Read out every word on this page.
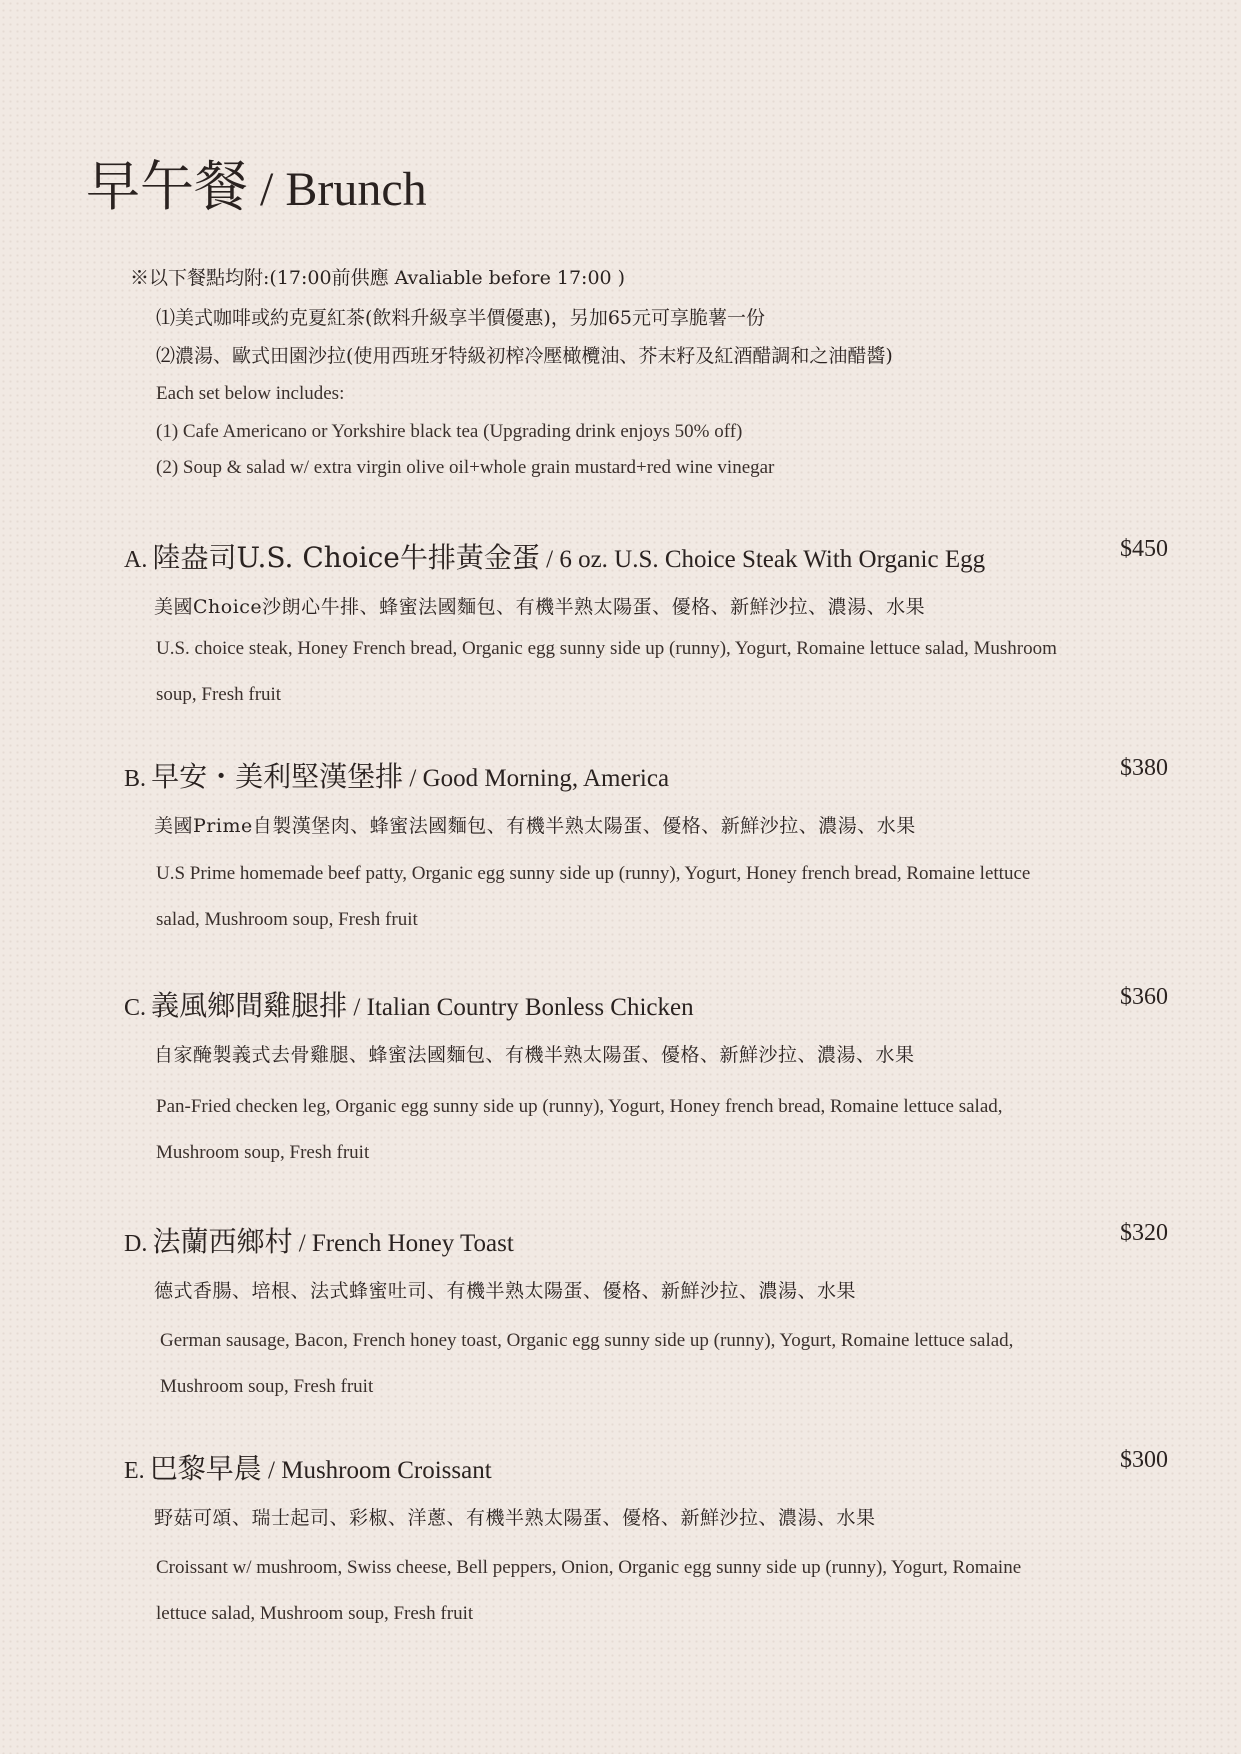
早午餐 / Brunch
※以下餐點均附:(17:00前供應 Avaliable before 17:00 )
⑴美式咖啡或約克夏紅茶(飲料升級享半價優惠)，另加65元可享脆薯一份
⑵濃湯、歐式田園沙拉(使用西班牙特級初榨冷壓橄欖油、芥末籽及紅酒醋調和之油醋醬)
Each set below includes:
(1) Cafe Americano or Yorkshire black tea (Upgrading drink enjoys 50% off)
(2) Soup & salad w/ extra virgin olive oil+whole grain mustard+red wine vinegar
A. 陸盎司U.S. Choice牛排黃金蛋 / 6 oz. U.S. Choice Steak With Organic Egg	$450
美國Choice沙朗心牛排、蜂蜜法國麵包、有機半熟太陽蛋、優格、新鮮沙拉、濃湯、水果
U.S. choice steak, Honey French bread, Organic egg sunny side up (runny), Yogurt, Romaine lettuce salad, Mushroom soup, Fresh fruit
B. 早安・美利堅漢堡排 / Good Morning, America	$380
美國Prime自製漢堡肉、蜂蜜法國麵包、有機半熟太陽蛋、優格、新鮮沙拉、濃湯、水果
U.S Prime homemade beef patty, Organic egg sunny side up (runny), Yogurt, Honey french bread, Romaine lettuce salad, Mushroom soup, Fresh fruit
C. 義風鄉間雞腿排 / Italian Country Bonless Chicken	$360
自家醃製義式去骨雞腿、蜂蜜法國麵包、有機半熟太陽蛋、優格、新鮮沙拉、濃湯、水果
Pan-Fried checken leg, Organic egg sunny side up (runny), Yogurt, Honey french bread, Romaine lettuce salad, Mushroom soup, Fresh fruit
D. 法蘭西鄉村 / French Honey Toast	$320
德式香腸、培根、法式蜂蜜吐司、有機半熟太陽蛋、優格、新鮮沙拉、濃湯、水果
German sausage, Bacon, French honey toast, Organic egg sunny side up (runny), Yogurt, Romaine lettuce salad, Mushroom soup, Fresh fruit
E. 巴黎早晨 / Mushroom Croissant	$300
野菇可頌、瑞士起司、彩椒、洋蔥、有機半熟太陽蛋、優格、新鮮沙拉、濃湯、水果
Croissant w/ mushroom, Swiss cheese, Bell peppers, Onion, Organic egg sunny side up (runny), Yogurt, Romaine lettuce salad, Mushroom soup, Fresh fruit
